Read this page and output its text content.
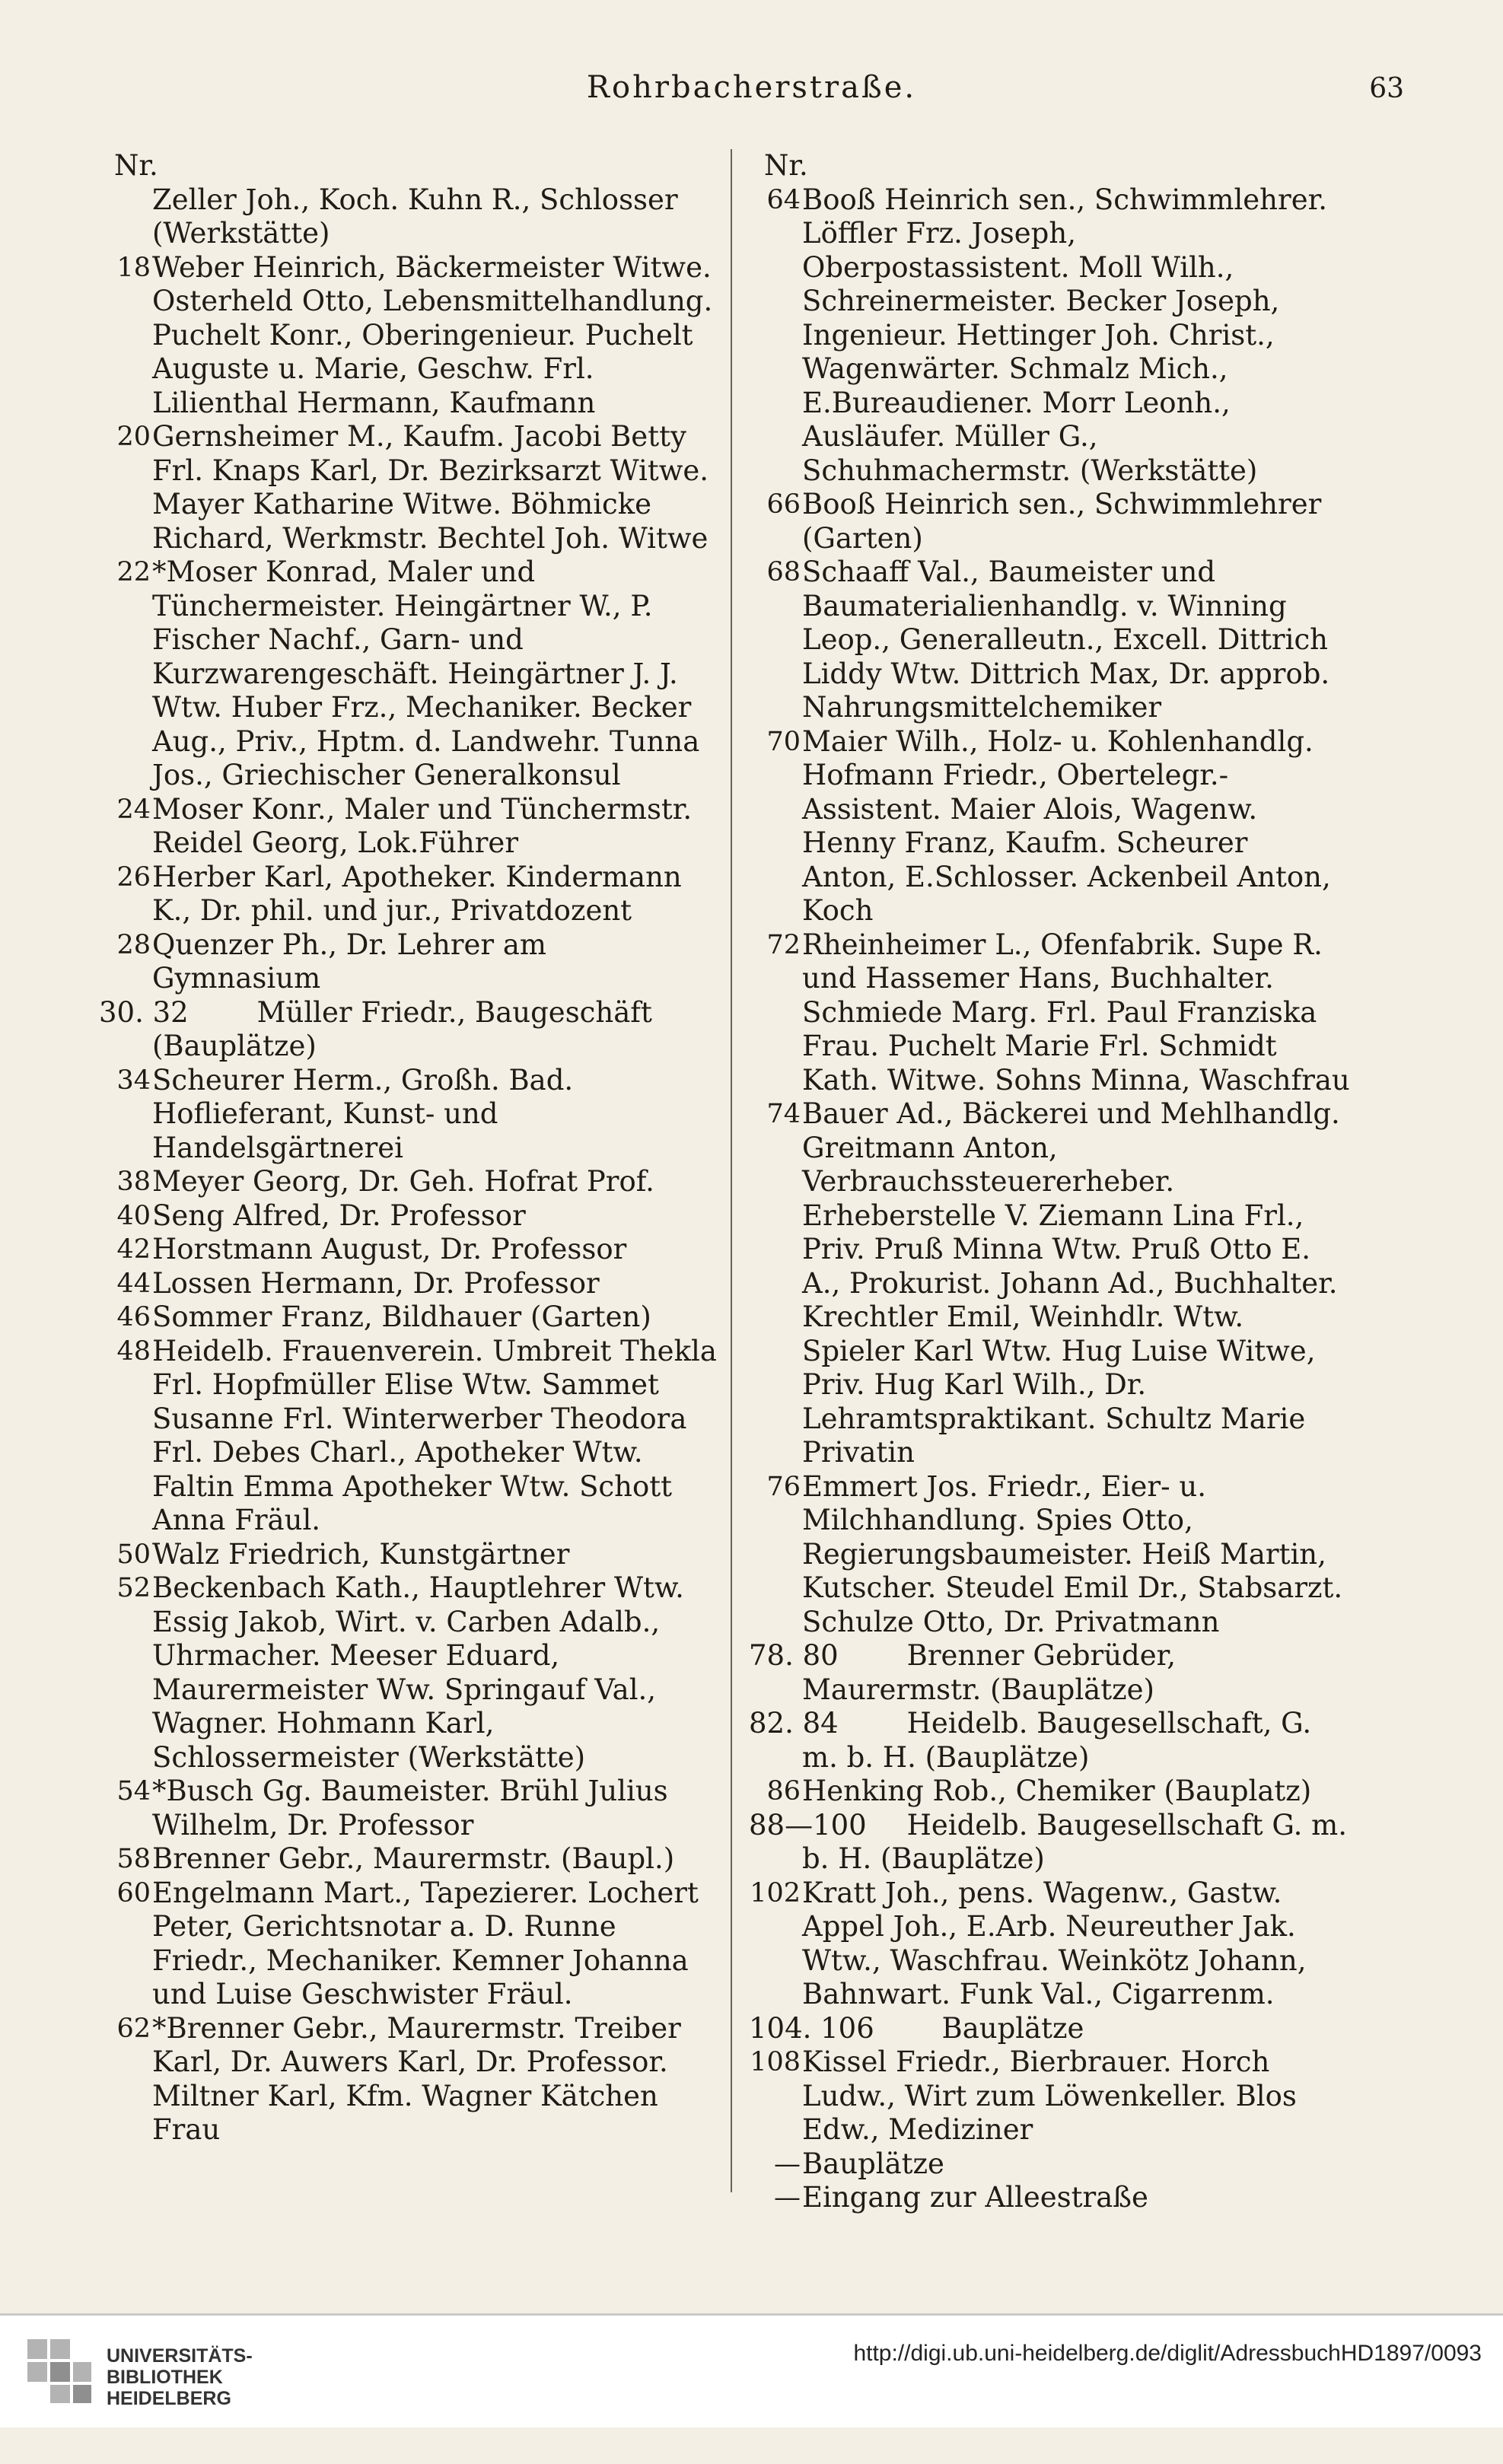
Rohrbacherstraße.	63
Nr.
Zeller Joh., Koch. Kuhn R., Schlosser (Werkstätte)
18 Weber Heinrich, Bäckermeister Witwe. Osterheld Otto, Lebensmittelhandlung. Puchelt Konr., Oberingenieur. Puchelt Auguste u. Marie, Geschw. Frl. Lilienthal Hermann, Kaufmann
20 Gernsheimer M., Kaufm. Jacobi Betty Frl. Knaps Karl, Dr. Bezirksarzt Witwe. Mayer Katharine Witwe. Böhmicke Richard, Werkmstr. Bechtel Joh. Witwe
22 *Moser Konrad, Maler und Tünchermeister. Heingärtner W., P. Fischer Nachf., Garn- und Kurzwarengeschäft. Heingärtner J. J. Wtw. Huber Frz., Mechaniker. Becker Aug., Priv., Hptm. d. Landwehr. Tunna Jos., Griechischer Generalkonsul
24 Moser Konr., Maler und Tünchermstr. Reidel Georg, Lok.Führer
26 Herber Karl, Apotheker. Kindermann K., Dr. phil. und jur., Privatdozent
28 Quenzer Ph., Dr. Lehrer am Gymnasium
30. 32	Müller Friedr., Baugeschäft (Bauplätze)
34 Scheurer Herm., Großh. Bad. Hoflieferant, Kunst- und Handelsgärtnerei
38 Meyer Georg, Dr. Geh. Hofrat Prof.
40 Seng Alfred, Dr. Professor
42 Horstmann August, Dr. Professor
44 Lossen Hermann, Dr. Professor
46 Sommer Franz, Bildhauer (Garten)
48 Heidelb. Frauenverein. Umbreit Thekla Frl. Hopfmüller Elise Wtw. Sammet Susanne Frl. Winterwerber Theodora Frl. Debes Charl., Apotheker Wtw. Faltin Emma Apotheker Wtw. Schott Anna Fräul.
50 Walz Friedrich, Kunstgärtner
52 Beckenbach Kath., Hauptlehrer Wtw. Essig Jakob, Wirt. v. Carben Adalb., Uhrmacher. Meeser Eduard, Maurermeister Ww. Springauf Val., Wagner. Hohmann Karl, Schlossermeister (Werkstätte)
54 *Busch Gg. Baumeister. Brühl Julius Wilhelm, Dr. Professor
58 Brenner Gebr., Maurermstr. (Baupl.)
60 Engelmann Mart., Tapezierer. Lochert Peter, Gerichtsnotar a. D. Runne Friedr., Mechaniker. Kemner Johanna und Luise Geschwister Fräul.
62 *Brenner Gebr., Maurermstr. Treiber Karl, Dr. Auwers Karl, Dr. Professor. Miltner Karl, Kfm. Wagner Kätchen Frau
Nr.
64 Booß Heinrich sen., Schwimmlehrer. Löffler Frz. Joseph, Oberpostassistent. Moll Wilh., Schreinermeister. Becker Joseph, Ingenieur. Hettinger Joh. Christ., Wagenwärter. Schmalz Mich., E.Bureaudiener. Morr Leonh., Ausläufer. Müller G., Schuhmachermstr. (Werkstätte)
66 Booß Heinrich sen., Schwimmlehrer (Garten)
68 Schaaff Val., Baumeister und Baumaterialienhandlg. v. Winning Leop., Generalleutn., Excell. Dittrich Liddy Wtw. Dittrich Max, Dr. approb. Nahrungsmittelchemiker
70 Maier Wilh., Holz- u. Kohlenhandlg. Hofmann Friedr., Obertelegr.-Assistent. Maier Alois, Wagenw. Henny Franz, Kaufm. Scheurer Anton, E.Schlosser. Ackenbeil Anton, Koch
72 Rheinheimer L., Ofenfabrik. Supe R. und Hassemer Hans, Buchhalter. Schmiede Marg. Frl. Paul Franziska Frau. Puchelt Marie Frl. Schmidt Kath. Witwe. Sohns Minna, Waschfrau
74 Bauer Ad., Bäckerei und Mehlhandlg. Greitmann Anton, Verbrauchssteuererheber. Erheberstelle V. Ziemann Lina Frl., Priv. Pruß Minna Wtw. Pruß Otto E. A., Prokurist. Johann Ad., Buchhalter. Krechtler Emil, Weinhdlr. Wtw. Spieler Karl Wtw. Hug Luise Witwe, Priv. Hug Karl Wilh., Dr. Lehramtspraktikant. Schultz Marie Privatin
76 Emmert Jos. Friedr., Eier- u. Milchhandlung. Spies Otto, Regierungsbaumeister. Heiß Martin, Kutscher. Steudel Emil Dr., Stabsarzt. Schulze Otto, Dr. Privatmann
78. 80	Brenner Gebrüder, Maurermstr. (Bauplätze)
82. 84	Heidelb. Baugesellschaft, G. m. b. H. (Bauplätze)
86 Henking Rob., Chemiker (Bauplatz)
88—100	Heidelb. Baugesellschaft G. m. b. H. (Bauplätze)
102 Kratt Joh., pens. Wagenw., Gastw. Appel Joh., E.Arb. Neureuther Jak. Wtw., Waschfrau. Weinkötz Johann, Bahnwart. Funk Val., Cigarrenm.
104. 106	Bauplätze
108 Kissel Friedr., Bierbrauer. Horch Ludw., Wirt zum Löwenkeller. Blos Edw., Mediziner
— Bauplätze
— Eingang zur Alleestraße
UNIVERSITÄTS-
BIBLIOTHEK
HEIDELBERG
http://digi.ub.uni-heidelberg.de/diglit/AdressbuchHD1897/0093
